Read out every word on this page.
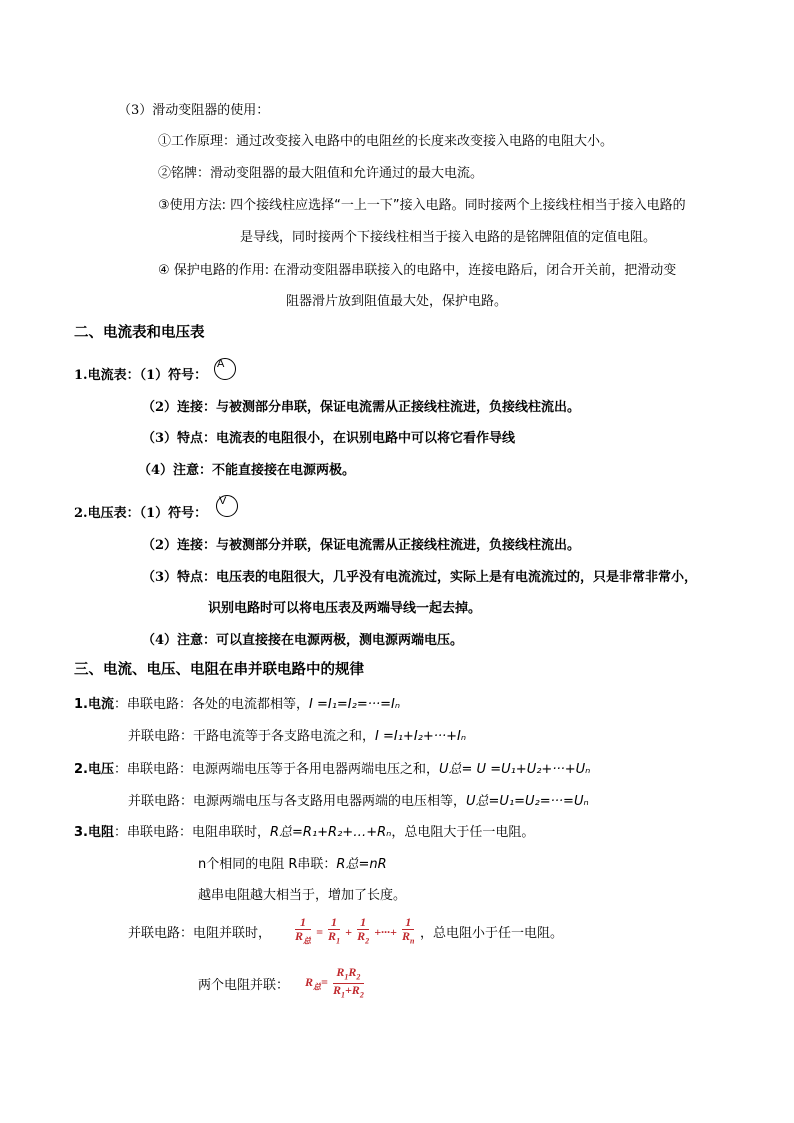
（3）滑动变阻器的使用：
①工作原理：通过改变接入电路中的电阻丝的长度来改变接入电路的电阻大小。
②铭牌：滑动变阻器的最大阻值和允许通过的最大电流。
③使用方法: 四个接线柱应选择“一上一下”接入电路。同时接两个上接线柱相当于接入电路的
是导线，同时接两个下接线柱相当于接入电路的是铭牌阻值的定值电阻。
④ 保护电路的作用: 在滑动变阻器串联接入的电路中，连接电路后，闭合开关前，把滑动变
阻器滑片放到阻值最大处，保护电路。
二、电流表和电压表
1.电流表：（1）符号：
A
（2）连接：与被测部分串联，保证电流需从正接线柱流进，负接线柱流出。
（3）特点：电流表的电阻很小，在识别电路中可以将它看作导线
（4）注意：不能直接接在电源两极。
2.电压表：（1）符号：
V
（2）连接：与被测部分并联，保证电流需从正接线柱流进，负接线柱流出。
（3）特点：电压表的电阻很大，几乎没有电流流过，实际上是有电流流过的，只是非常非常小，
识别电路时可以将电压表及两端导线一起去掉。
（4）注意：可以直接接在电源两极，测电源两端电压。
三、电流、电压、电阻在串并联电路中的规律
1.电流：串联电路：各处的电流都相等，I =I₁=I₂=···=Iₙ
并联电路：干路电流等于各支路电流之和，I =I₁+I₂+···+Iₙ
2.电压：串联电路：电源两端电压等于各用电器两端电压之和，U总= U =U₁+U₂+···+Uₙ
并联电路：电源两端电压与各支路用电器两端的电压相等，U总=U₁=U₂=···=Uₙ
3.电阻：串联电路：电阻串联时，R总=R₁+R₂+…+Rₙ，总电阻大于任一电阻。
n个相同的电阻 R串联：R总=nR
越串电阻越大相当于，增加了长度。
并联电路：电阻并联时， $\frac{1}{R_总} = \frac{1}{R_1} + \frac{1}{R_2}$ +···+ $\frac{1}{R_n}$ ，总电阻小于任一电阻。
两个电阻并联： $R_总= \frac{R_1R_2}{R_1+R_2}$
